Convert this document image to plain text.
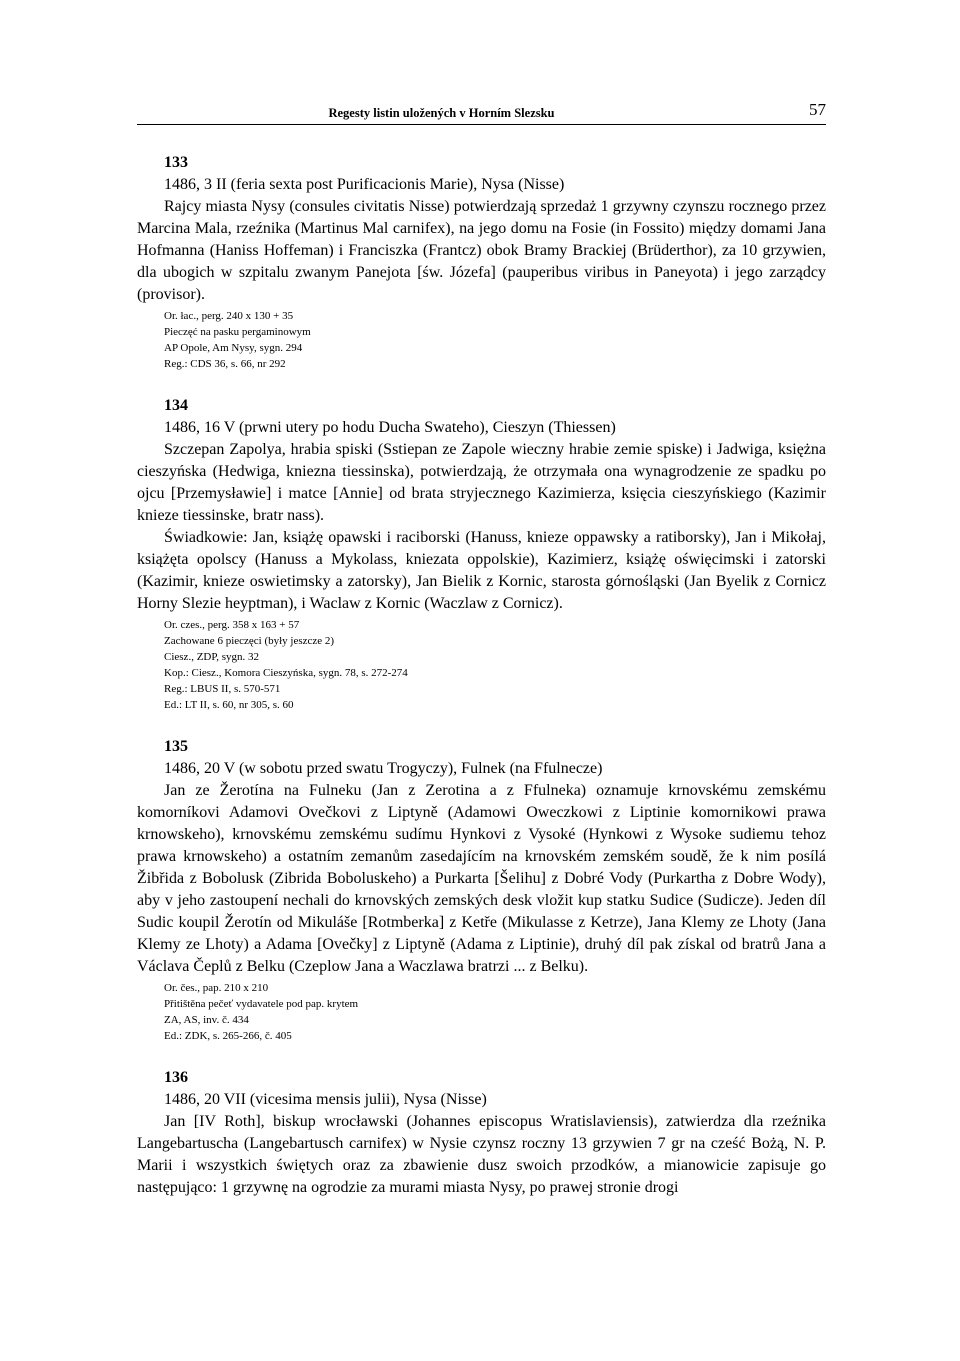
Regesty listin uložených v Horním Slezsku	57
133
1486, 3 II (feria sexta post Purificacionis Marie), Nysa (Nisse)

Rajcy miasta Nysy (consules civitatis Nisse) potwierdzają sprzedaż 1 grzywny czynszu rocznego przez Marcina Mala, rzeźnika (Martinus Mal carnifex), na jego domu na Fosie (in Fossito) między domami Jana Hofmanna (Haniss Hoffeman) i Franciszka (Frantcz) obok Bramy Brackiej (Brüderthor), za 10 grzywien, dla ubogich w szpitalu zwanym Panejota [św. Józefa] (pauperibus viribus in Paneyota) i jego zarządcy (provisor).

Or. łac., perg. 240 x 130 + 35
Pieczęć na pasku pergaminowym
AP Opole, Am Nysy, sygn. 294
Reg.: CDS 36, s. 66, nr 292
134
1486, 16 V (prwni utery po hodu Ducha Swateho), Cieszyn (Thiessen)

Szczepan Zapolya, hrabia spiski (Sstiepan ze Zapole wieczny hrabie zemie spiske) i Jadwiga, księżna cieszyńska (Hedwiga, kniezna tiessinska), potwierdzają, że otrzymała ona wynagrodzenie ze spadku po ojcu [Przemysławie] i matce [Annie] od brata stryjecznego Kazimierza, księcia cieszyńskiego (Kazimir knieze tiessinske, bratr nass).

Świadkowie: Jan, książę opawski i raciborski (Hanuss, knieze oppawsky a ratiborsky), Jan i Mikołaj, książęta opolscy (Hanuss a Mykolass, kniezata oppolskie), Kazimierz, książę oświęcimski i zatorski (Kazimir, knieze oswietimsky a zatorsky), Jan Bielik z Kornic, starosta górnośląski (Jan Byelik z Cornicz Horny Slezie heyptman), i Waclaw z Kornic (Waczlaw z Cornicz).

Or. czes., perg. 358 x 163 + 57
Zachowane 6 pieczęci (były jeszcze 2)
Ciesz., ZDP, sygn. 32
Kop.: Ciesz., Komora Cieszyńska, sygn. 78, s. 272-274
Reg.: LBUS II, s. 570-571
Ed.: LT II, s. 60, nr 305, s. 60
135
1486, 20 V (w sobotu przed swatu Trogyczy), Fulnek (na Ffulnecze)

Jan ze Žerotína na Fulneku (Jan z Zerotina a z Ffulneka) oznamuje krnovskému zemskému komorníkovi Adamovi Ovečkovi z Liptyně (Adamowi Oweczkowi z Liptinie komornikowi prawa krnowskeho), krnovskému zemskému sudímu Hynkovi z Vysoké (Hynkowi z Wysoke sudiemu tehoz prawa krnowskeho) a ostatním zemanům zasedajícím na krnovském zemském soudě, že k nim posílá Žibřida z Bobolusk (Zibrida Boboluskeho) a Purkarta [Šelihu] z Dobré Vody (Purkartha z Dobre Wody), aby v jeho zastoupení nechali do krnovských zemských desk vložit kup statku Sudice (Sudicze). Jeden díl Sudic koupil Žerotín od Mikuláše [Rotmberka] z Ketře (Mikulasse z Ketrze), Jana Klemy ze Lhoty (Jana Klemy ze Lhoty) a Adama [Ovečky] z Liptyně (Adama z Liptinie), druhý díl pak získal od bratrů Jana a Václava Čeplů z Belku (Czeplow Jana a Waczlawa bratrzi ... z Belku).

Or. čes., pap. 210 x 210
Přitištěna pečeť vydavatele pod pap. krytem
ZA, AS, inv. č. 434
Ed.: ZDK, s. 265-266, č. 405
136
1486, 20 VII (vicesima mensis julii), Nysa (Nisse)

Jan [IV Roth], biskup wrocławski (Johannes episcopus Wratislaviensis), zatwierdza dla rzeźnika Langebartuscha (Langebartusch carnifex) w Nysie czynsz roczny 13 grzywien 7 gr na cześć Bożą, N. P. Marii i wszystkich świętych oraz za zbawienie dusz swoich przodków, a mianowicie zapisuje go następująco: 1 grzywnę na ogrodzie za murami miasta Nysy, po prawej stronie drogi
